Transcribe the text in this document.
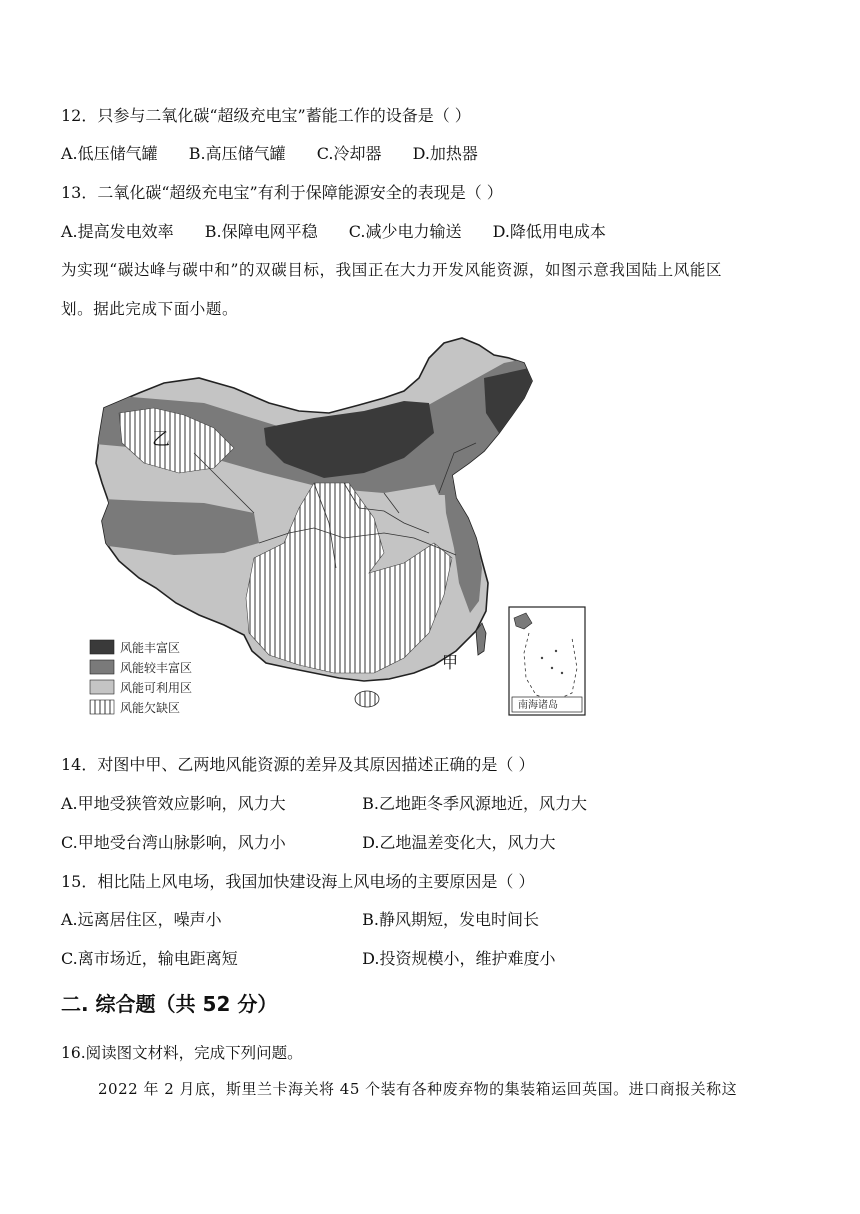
12．只参与二氧化碳“超级充电宝”蓄能工作的设备是（ ）
A.低压储气罐 B.高压储气罐 C.冷却器 D.加热器
13．二氧化碳“超级充电宝”有利于保障能源安全的表现是（ ）
A.提高发电效率 B.保障电网平稳 C.减少电力输送 D.降低用电成本
为实现“碳达峰与碳中和”的双碳目标，我国正在大力开发风能资源，如图示意我国陆上风能区
划。据此完成下面小题。
乙
甲
南海诸岛
风能丰富区
风能较丰富区
风能可利用区
风能欠缺区
14．对图中甲、乙两地风能资源的差异及其原因描述正确的是（ ）
A.甲地受狭管效应影响，风力大	B.乙地距冬季风源地近，风力大
C.甲地受台湾山脉影响，风力小	D.乙地温差变化大，风力大
15．相比陆上风电场，我国加快建设海上风电场的主要原因是（ ）
A.远离居住区，噪声小	B.静风期短，发电时间长
C.离市场近，输电距离短	D.投资规模小，维护难度小
二. 综合题（共 52 分）
16.阅读图文材料，完成下列问题。
2022 年 2 月底，斯里兰卡海关将 45 个装有各种废弃物的集装箱运回英国。进口商报关称这
